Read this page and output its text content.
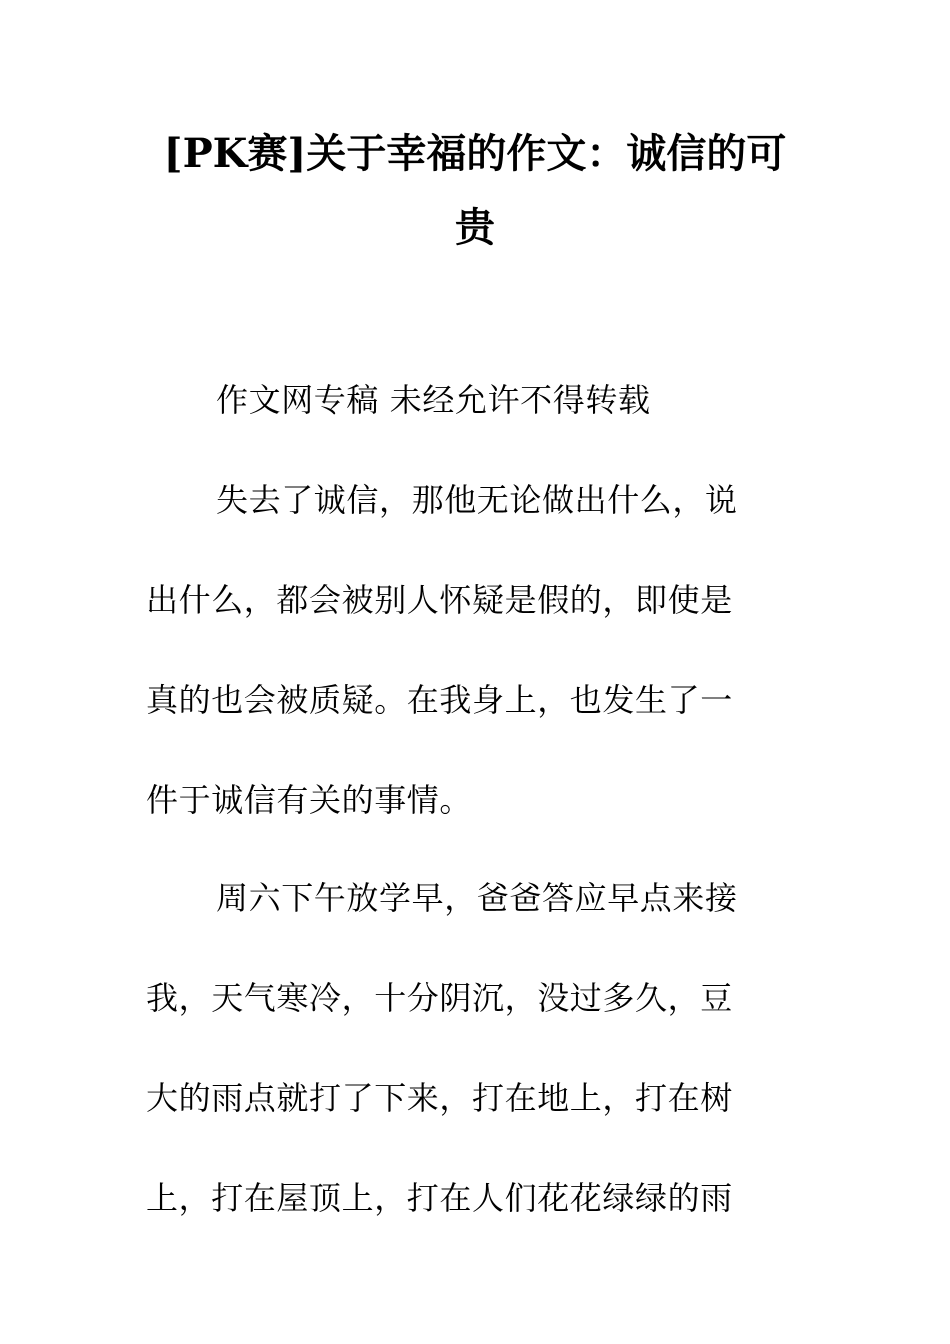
[PK赛]关于幸福的作文：诚信的可
贵
作文网专稿 未经允许不得转载
失去了诚信，那他无论做出什么，说
出什么，都会被别人怀疑是假的，即使是
真的也会被质疑。在我身上，也发生了一
件于诚信有关的事情。
周六下午放学早，爸爸答应早点来接
我，天气寒冷，十分阴沉，没过多久，豆
大的雨点就打了下来，打在地上，打在树
上，打在屋顶上，打在人们花花绿绿的雨
